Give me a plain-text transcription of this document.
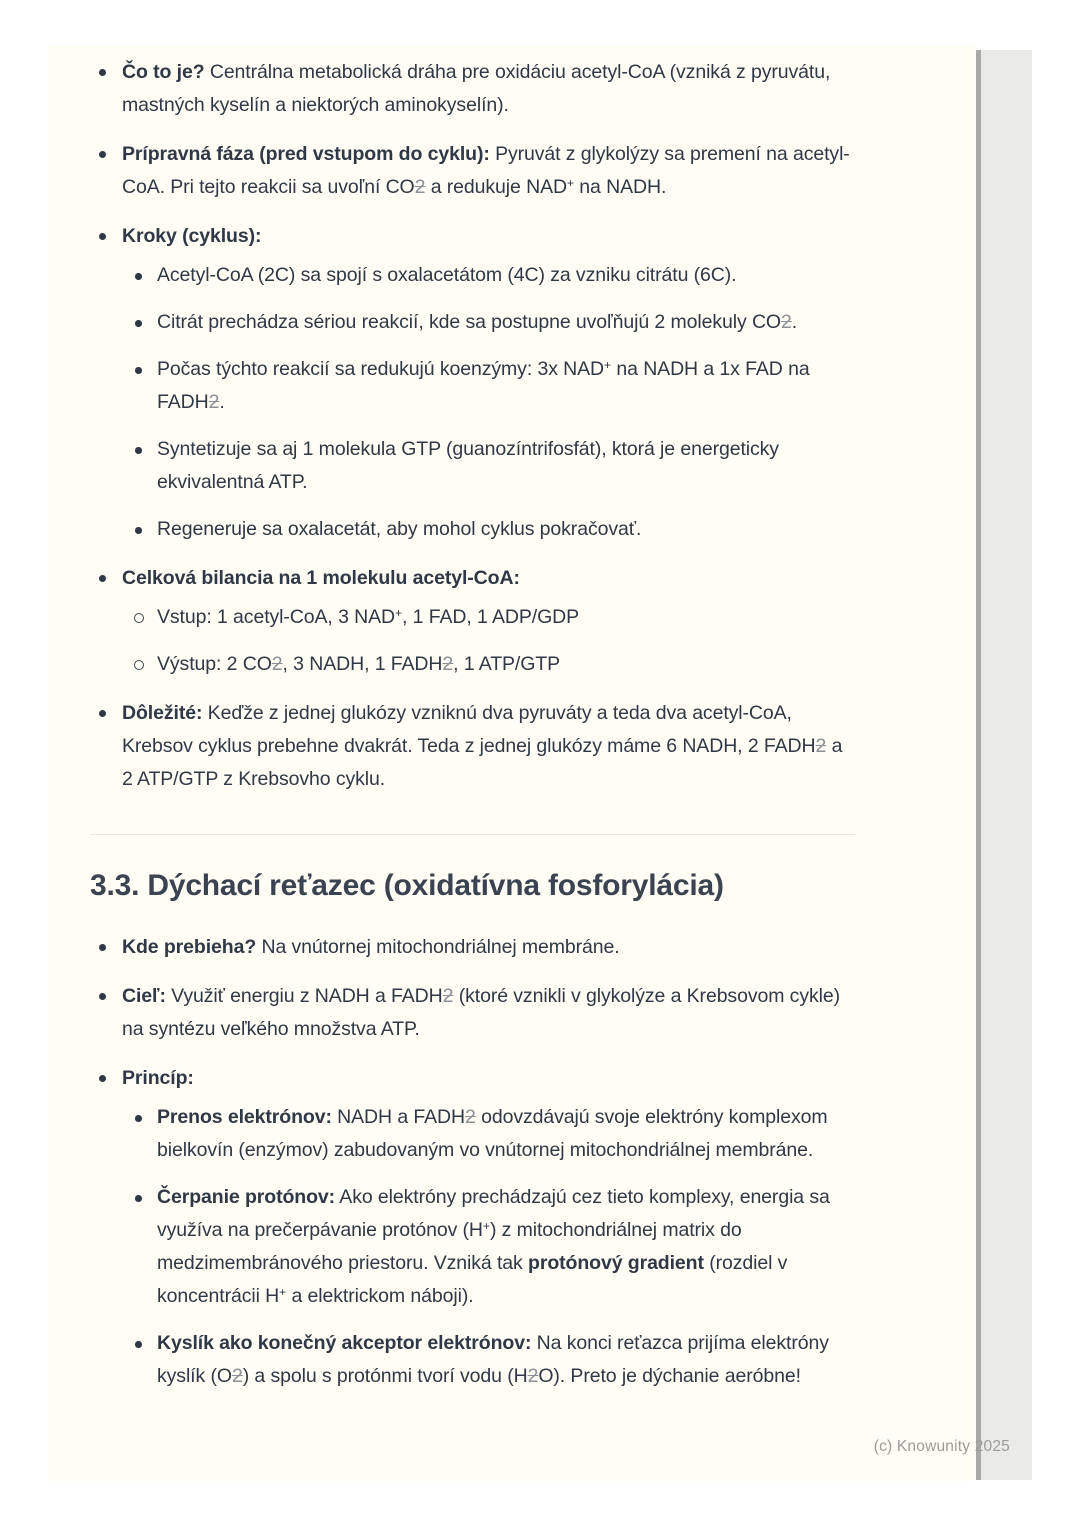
Čo to je? Centrálna metabolická dráha pre oxidáciu acetyl-CoA (vzniká z pyruvátu, mastných kyselín a niektorých aminokyselín).
Prípravná fáza (pred vstupom do cyklu): Pyruvát z glykolýzy sa premení na acetyl-CoA. Pri tejto reakcii sa uvoľní CO2 a redukuje NAD+ na NADH.
Kroky (cyklus):
Acetyl-CoA (2C) sa spojí s oxalacetátom (4C) za vzniku citrátu (6C).
Citrát prechádza sériou reakcií, kde sa postupne uvoľňujú 2 molekuly CO2.
Počas týchto reakcií sa redukujú koenzýmy: 3x NAD+ na NADH a 1x FAD na FADH2.
Syntetizuje sa aj 1 molekula GTP (guanozíntrifosfát), ktorá je energeticky ekvivalentná ATP.
Regeneruje sa oxalacetát, aby mohol cyklus pokračovať.
Celková bilancia na 1 molekulu acetyl-CoA:
Vstup: 1 acetyl-CoA, 3 NAD+, 1 FAD, 1 ADP/GDP
Výstup: 2 CO2, 3 NADH, 1 FADH2, 1 ATP/GTP
Dôležité: Keďže z jednej glukózy vzniknú dva pyruváty a teda dva acetyl-CoA, Krebsov cyklus prebehne dvakrát. Teda z jednej glukózy máme 6 NADH, 2 FADH2 a 2 ATP/GTP z Krebsovho cyklu.
3.3. Dýchací reťazec (oxidatívna fosforylácia)
Kde prebieha? Na vnútornej mitochondriálnej membráne.
Cieľ: Využiť energiu z NADH a FADH2 (ktoré vznikli v glykolýze a Krebsovom cykle) na syntézu veľkého množstva ATP.
Princíp:
Prenos elektrónov: NADH a FADH2 odovzdávajú svoje elektróny komplexom bielkovín (enzýmov) zabudovaným vo vnútornej mitochondriálnej membráne.
Čerpanie protónov: Ako elektróny prechádzajú cez tieto komplexy, energia sa využíva na prečerpávanie protónov (H+) z mitochondriálnej matrix do medzimembránového priestoru. Vzniká tak protónový gradient (rozdiel v koncentrácii H+ a elektrickom náboji).
Kyslík ako konečný akceptor elektrónov: Na konci reťazca prijíma elektróny kyslík (O2) a spolu s protónmi tvorí vodu (H2O). Preto je dýchanie aeróbne!
(c) Knowunity 2025
